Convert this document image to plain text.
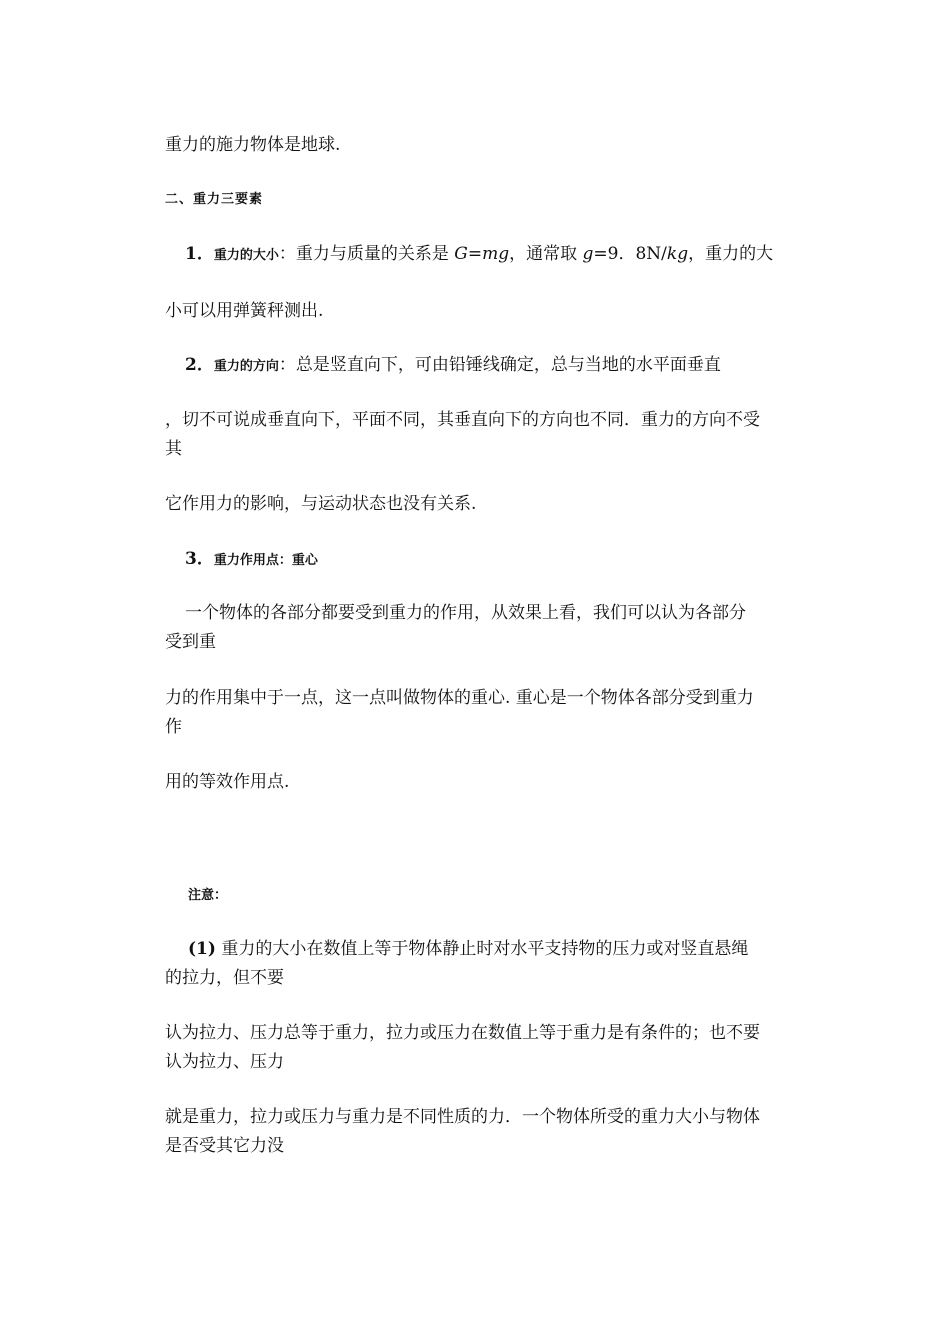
重力的施力物体是地球.
二、重力三要素
1．重力的大小：重力与质量的关系是 G=mg，通常取 g=9．8N/kg，重力的大
小可以用弹簧秤测出.
2．重力的方向：总是竖直向下，可由铅锤线确定，总与当地的水平面垂直
，切不可说成垂直向下，平面不同，其垂直向下的方向也不同．重力的方向不受
其
它作用力的影响，与运动状态也没有关系.
3．重力作用点：重心
一个物体的各部分都要受到重力的作用，从效果上看，我们可以认为各部分
受到重
力的作用集中于一点，这一点叫做物体的重心. 重心是一个物体各部分受到重力
作
用的等效作用点.
注意：
(1) 重力的大小在数值上等于物体静止时对水平支持物的压力或对竖直悬绳
的拉力，但不要
认为拉力、压力总等于重力，拉力或压力在数值上等于重力是有条件的；也不要
认为拉力、压力
就是重力，拉力或压力与重力是不同性质的力．一个物体所受的重力大小与物体
是否受其它力没
